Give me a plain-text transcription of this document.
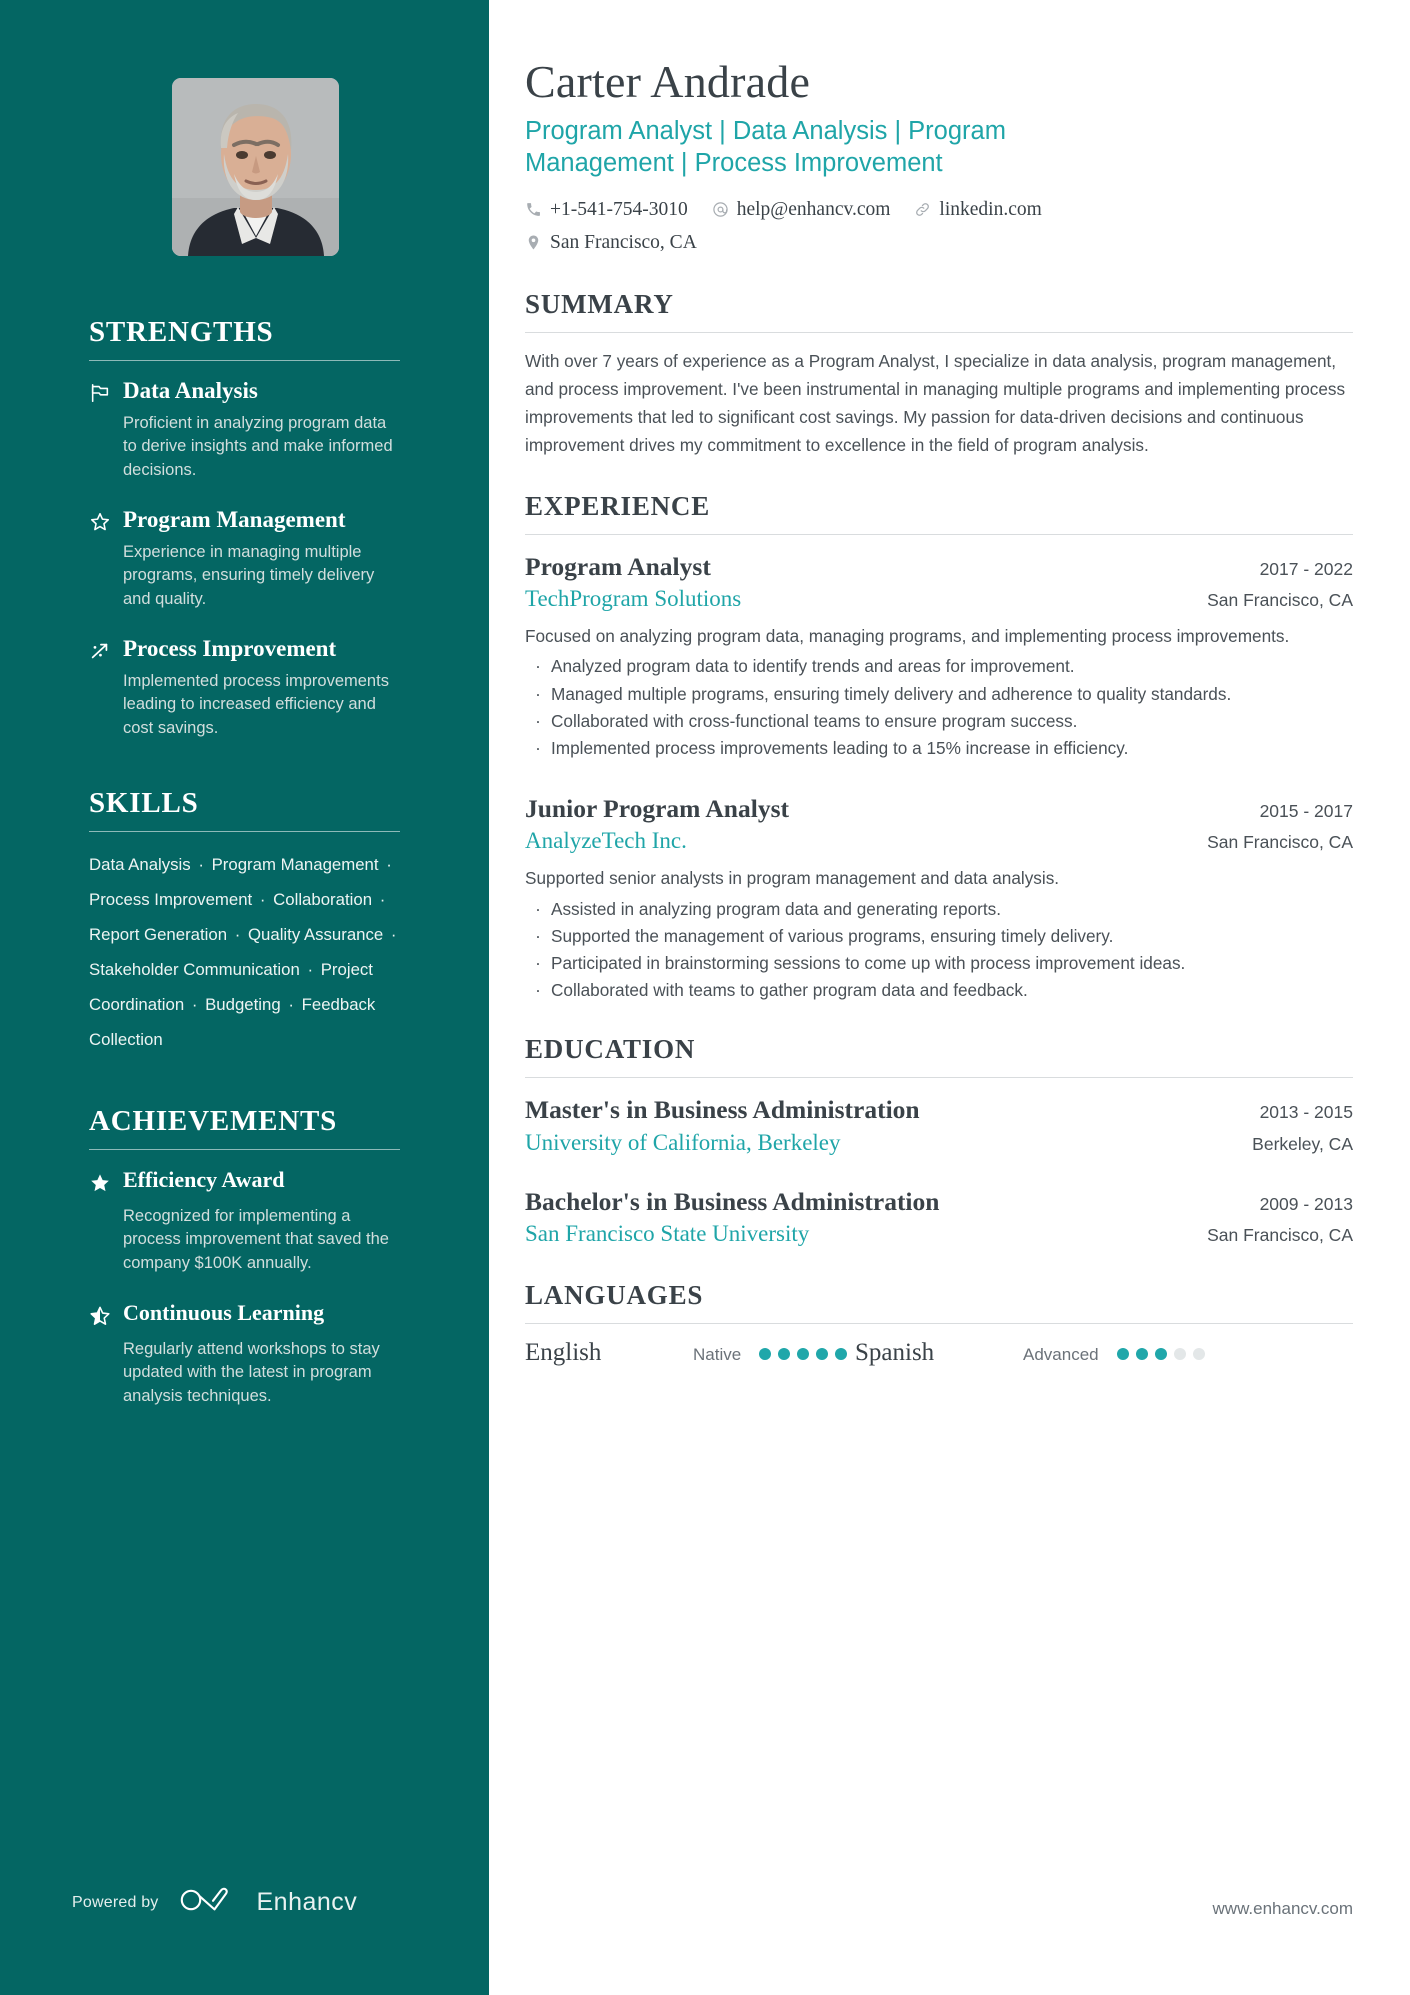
STRENGTHS
Data Analysis
Proficient in analyzing program data to derive insights and make informed decisions.
Program Management
Experience in managing multiple programs, ensuring timely delivery and quality.
Process Improvement
Implemented process improvements leading to increased efficiency and cost savings.
SKILLS
Data Analysis · Program Management · Process Improvement · Collaboration · Report Generation · Quality Assurance · Stakeholder Communication · Project Coordination · Budgeting · Feedback Collection
ACHIEVEMENTS
Efficiency Award
Recognized for implementing a process improvement that saved the company $100K annually.
Continuous Learning
Regularly attend workshops to stay updated with the latest in program analysis techniques.
Powered by	Enhancv
Carter Andrade
Program Analyst | Data Analysis | Program Management | Process Improvement
+1-541-754-3010	help@enhancv.com	linkedin.com
San Francisco, CA
SUMMARY

With over 7 years of experience as a Program Analyst, I specialize in data analysis, program management, and process improvement. I've been instrumental in managing multiple programs and implementing process improvements that led to significant cost savings. My passion for data-driven decisions and continuous improvement drives my commitment to excellence in the field of program analysis.

EXPERIENCE
Program Analyst	2017 - 2022
TechProgram Solutions	San Francisco, CA
Focused on analyzing program data, managing programs, and implementing process improvements.
· Analyzed program data to identify trends and areas for improvement.
· Managed multiple programs, ensuring timely delivery and adherence to quality standards.
· Collaborated with cross-functional teams to ensure program success.
· Implemented process improvements leading to a 15% increase in efficiency.
Junior Program Analyst	2015 - 2017
AnalyzeTech Inc.	San Francisco, CA
Supported senior analysts in program management and data analysis.
· Assisted in analyzing program data and generating reports.
· Supported the management of various programs, ensuring timely delivery.
· Participated in brainstorming sessions to come up with process improvement ideas.
· Collaborated with teams to gather program data and feedback.
EDUCATION
Master's in Business Administration	2013 - 2015
University of California, Berkeley	Berkeley, CA
Bachelor's in Business Administration	2009 - 2013
San Francisco State University	San Francisco, CA
LANGUAGES
English	Native	Spanish	Advanced
www.enhancv.com
